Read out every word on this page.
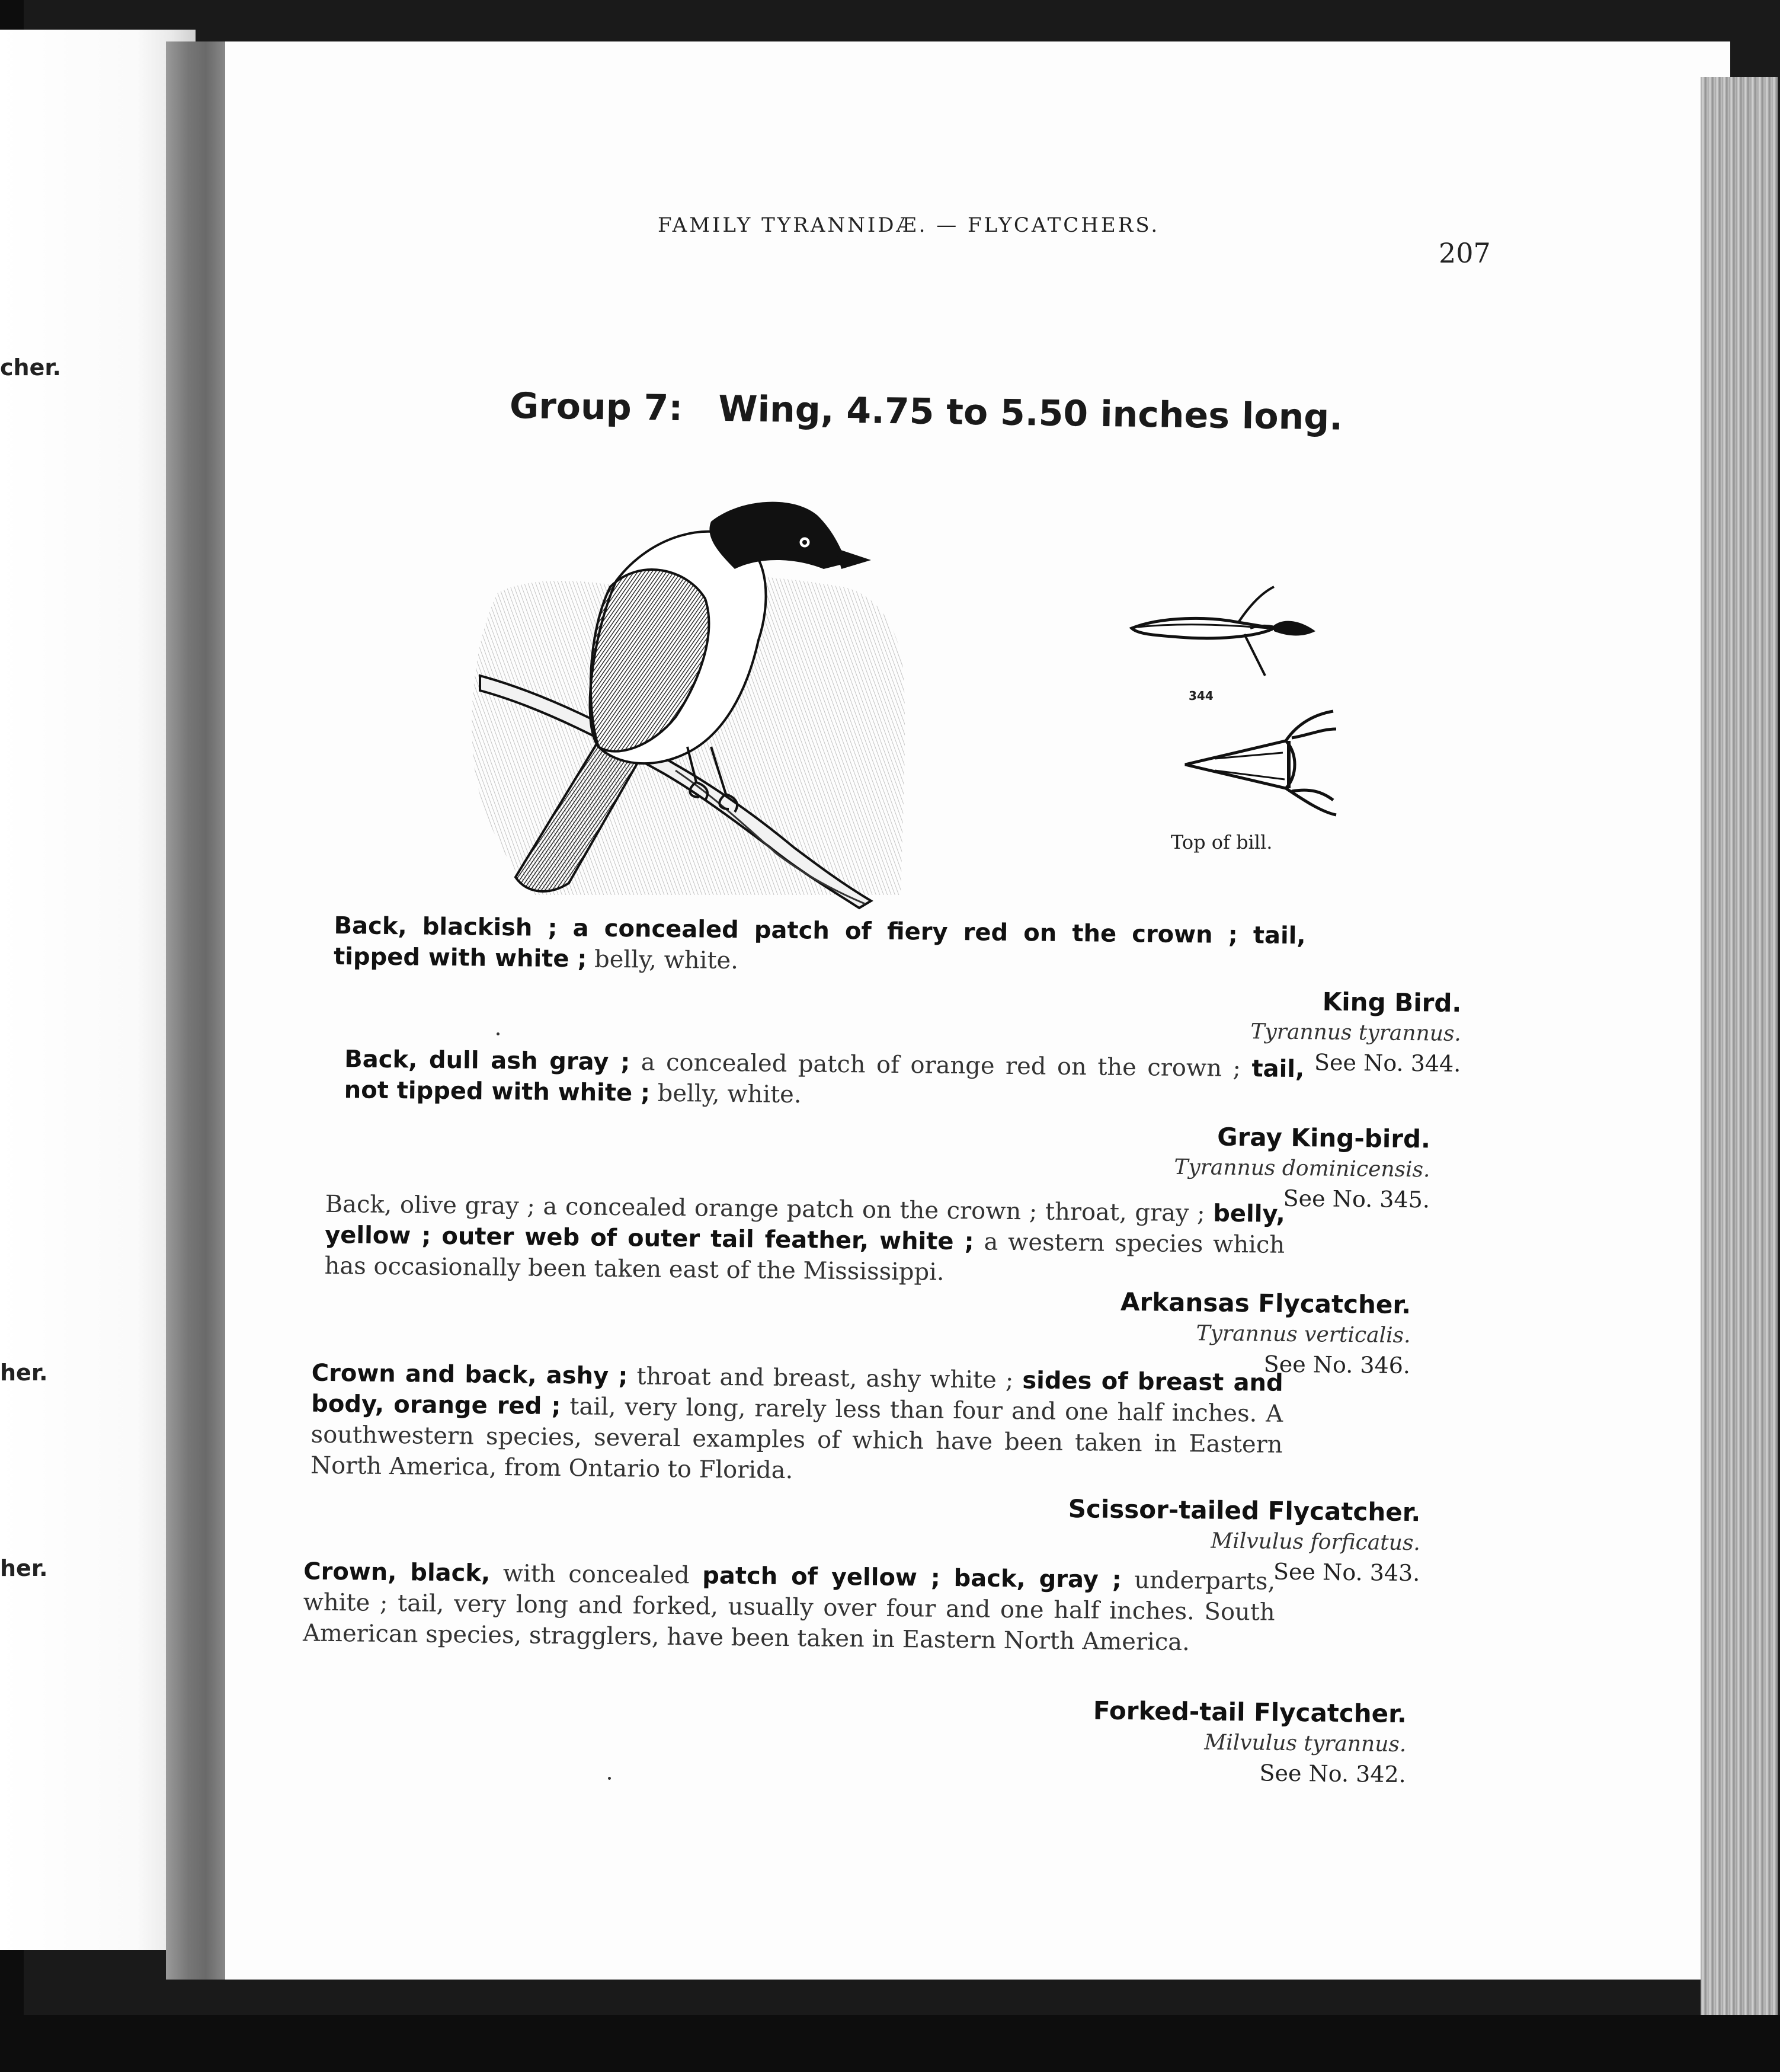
cher.
her.
her.
FAMILY TYRANNIDÆ. — FLYCATCHERS.
207
Group 7: Wing, 4.75 to 5.50 inches long.
344
Top of bill.
Back, blackish ; a concealed patch of fiery red on the crown ; tail, tipped with white ; belly, white.
King Bird.
Tyrannus tyrannus.
See No. 344.
Back, dull ash gray ; a concealed patch of orange red on the crown ; tail, not tipped with white ; belly, white.
Gray King-bird.
Tyrannus dominicensis.
See No. 345.
Back, olive gray ; a concealed orange patch on the crown ; throat, gray ; belly, yellow ; outer web of outer tail feather, white ; a western species which has occasionally been taken east of the Mississippi.
Arkansas Flycatcher.
Tyrannus verticalis.
See No. 346.
Crown and back, ashy ; throat and breast, ashy white ; sides of breast and body, orange red ; tail, very long, rarely less than four and one half inches. A southwestern species, several examples of which have been taken in Eastern North America, from Ontario to Florida.
Scissor-tailed Flycatcher.
Milvulus forficatus.
See No. 343.
Crown, black, with concealed patch of yellow ; back, gray ; underparts, white ; tail, very long and forked, usually over four and one half inches. South American species, stragglers, have been taken in Eastern North America.
Forked-tail Flycatcher.
Milvulus tyrannus.
See No. 342.
